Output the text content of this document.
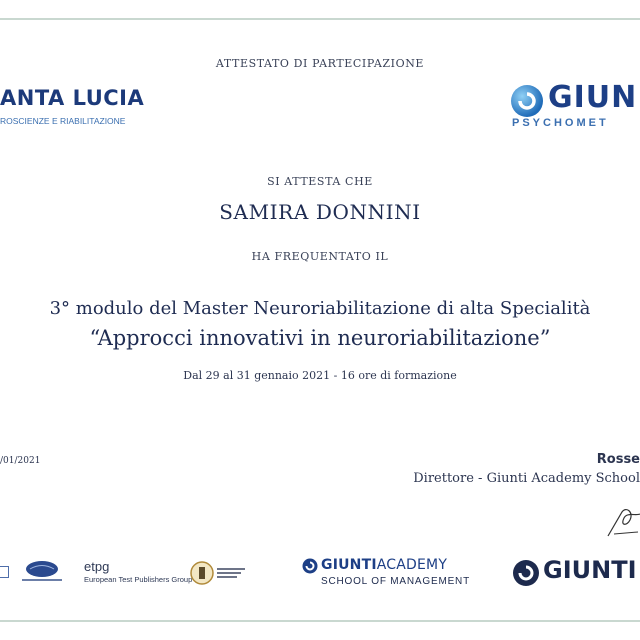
ATTESTATO DI PARTECIPAZIONE
ANTA LUCIA
ROSCIENZE E RIABILITAZIONE
GIUN
PSYCHOMET
SI ATTESTA CHE
SAMIRA DONNINI
HA FREQUENTATO IL
3° modulo del Master Neuroriabilitazione di alta Specialità
“Approcci innovativi in neuroriabilitazione”
Dal 29 al 31 gennaio 2021 - 16 ore di formazione
/01/2021	Rosse
Direttore - Giunti Academy School
etpg
European Test Publishers Group
GIUNTIACADEMY
SCHOOL OF MANAGEMENT	GIUNTI
